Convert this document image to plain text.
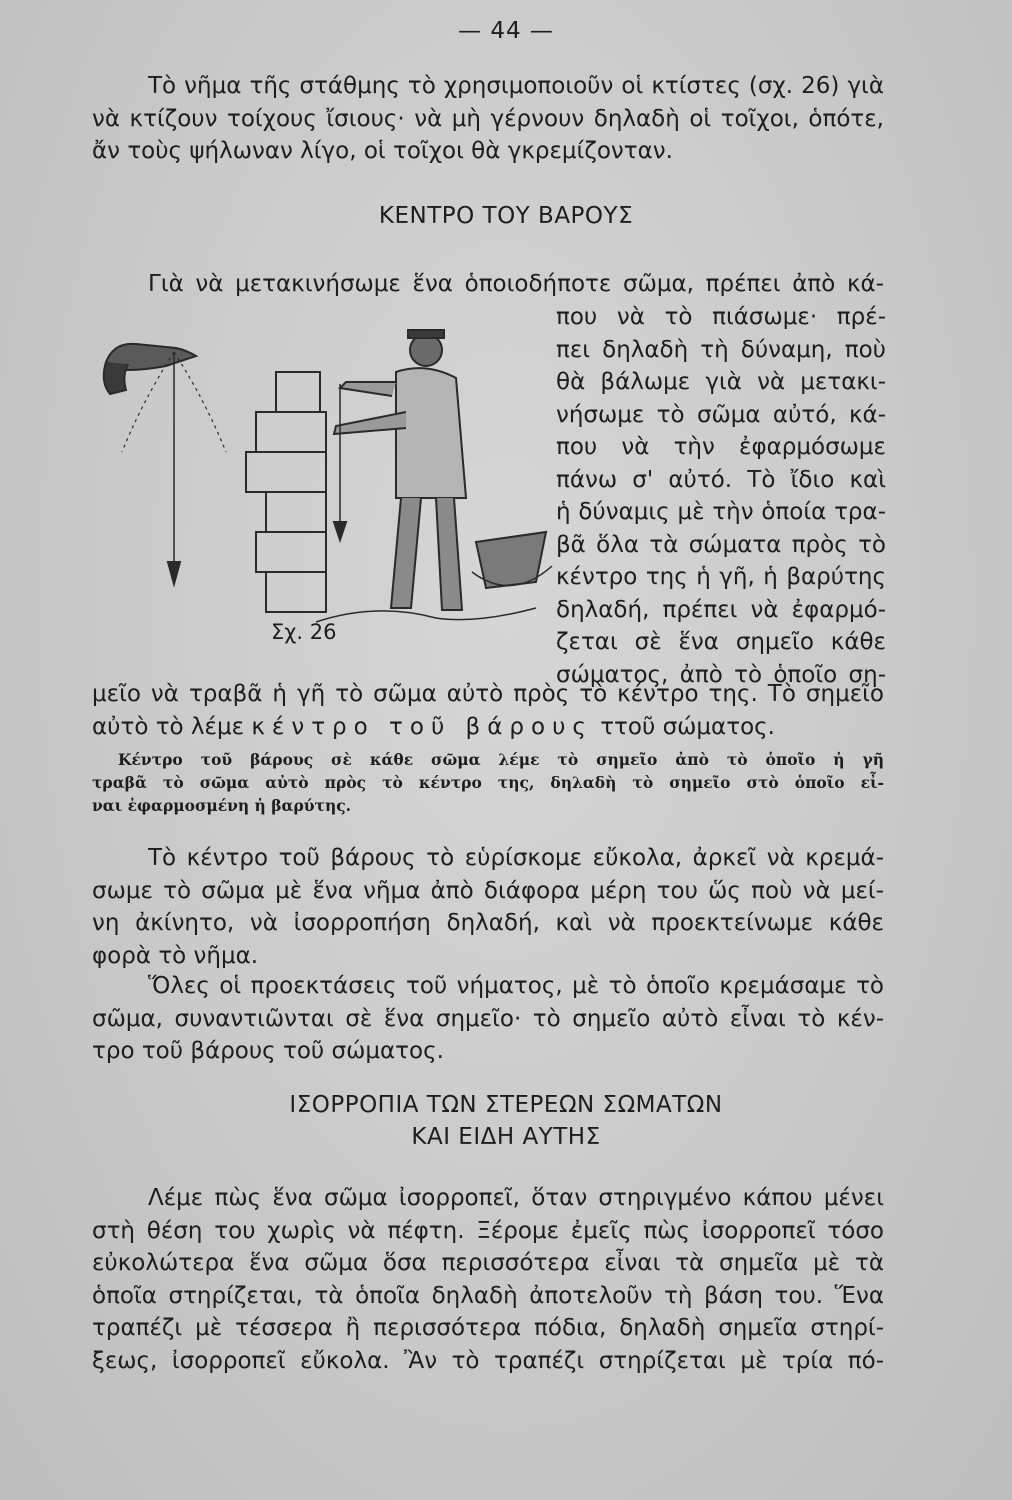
— 44 —

Τὸ νῆμα τῆς στάθμης τὸ χρησιμοποιοῦν οἱ κτίστες (σχ. 26) γιὰ
νὰ κτίζουν τοίχους ἴσιους· νὰ μὴ γέρνουν δηλαδὴ οἱ τοῖχοι, ὁπότε,
ἄν τοὺς ψήλωναν λίγο, οἱ τοῖχοι θὰ γκρεμίζονταν.

ΚΕΝΤΡΟ ΤΟΥ ΒΑΡΟΥΣ

Γιὰ νὰ μετακινήσωμε ἕνα ὁποιοδήποτε σῶμα, πρέπει ἀπὸ κά-

Σχ. 26

που νὰ τὸ πιάσωμε· πρέ-
πει δηλαδὴ τὴ δύναμη, ποὺ
θὰ βάλωμε γιὰ νὰ μετακι-
νήσωμε τὸ σῶμα αὐτό, κά-
που νὰ τὴν ἐφαρμόσωμε
πάνω σ' αὐτό. Τὸ ἴδιο καὶ
ἡ δύναμις μὲ τὴν ὁποία τρα-
βᾶ ὅλα τὰ σώματα πρὸς τὸ
κέντρο της ἡ γῆ, ἡ βαρύτης
δηλαδή, πρέπει νὰ ἐφαρμό-
ζεται σὲ ἕνα σημεῖο κάθε
σώματος, ἀπὸ τὸ ὁποῖο ση-

μεῖο νὰ τραβᾶ ἡ γῆ τὸ σῶμα αὐτὸ πρὸς τὸ κέντρο της. Τὸ σημεῖο
αὐτὸ τὸ λέμε κέντρο τοῦ βάρους ττοῦ σώματος.

Κέντρο τοῦ βάρους σὲ κάθε σῶμα λέμε τὸ σημεῖο ἀπὸ τὸ ὁποῖο ἡ γῆ
τραβᾶ τὸ σῶμα αὐτὸ πρὸς τὸ κέντρο της, δηλαδὴ τὸ σημεῖο στὸ ὁποῖο εἶ-
ναι ἐφαρμοσμένη ἡ βαρύτης.

Τὸ κέντρο τοῦ βάρους τὸ εὑρίσκομε εὔκολα, ἀρκεῖ νὰ κρεμά-
σωμε τὸ σῶμα μὲ ἕνα νῆμα ἀπὸ διάφορα μέρη του ὥς ποὺ νὰ μεί-
νη ἀκίνητο, νὰ ἰσορροπήση δηλαδή, καὶ νὰ προεκτείνωμε κάθε
φορὰ τὸ νῆμα.

Ὅλες οἱ προεκτάσεις τοῦ νήματος, μὲ τὸ ὁποῖο κρεμάσαμε τὸ
σῶμα, συναντιῶνται σὲ ἕνα σημεῖο· τὸ σημεῖο αὐτὸ εἶναι τὸ κέν-
τρο τοῦ βάρους τοῦ σώματος.

ΙΣΟΡΡΟΠΙΑ ΤΩΝ ΣΤΕΡΕΩΝ ΣΩΜΑΤΩΝ
ΚΑΙ ΕΙΔΗ ΑΥΤΗΣ

Λέμε πὼς ἕνα σῶμα ἰσορροπεῖ, ὅταν στηριγμένο κάπου μένει
στὴ θέση του χωρὶς νὰ πέφτη. Ξέρομε ἐμεῖς πὼς ἰσορροπεῖ τόσο
εὐκολώτερα ἕνα σῶμα ὅσα περισσότερα εἶναι τὰ σημεῖα μὲ τὰ
ὁποῖα στηρίζεται, τὰ ὁποῖα δηλαδὴ ἀποτελοῦν τὴ βάση του. Ἕνα
τραπέζι μὲ τέσσερα ἢ περισσότερα πόδια, δηλαδὴ σημεῖα στηρί-
ξεως, ἰσορροπεῖ εὔκολα. Ἂν τὸ τραπέζι στηρίζεται μὲ τρία πό-
